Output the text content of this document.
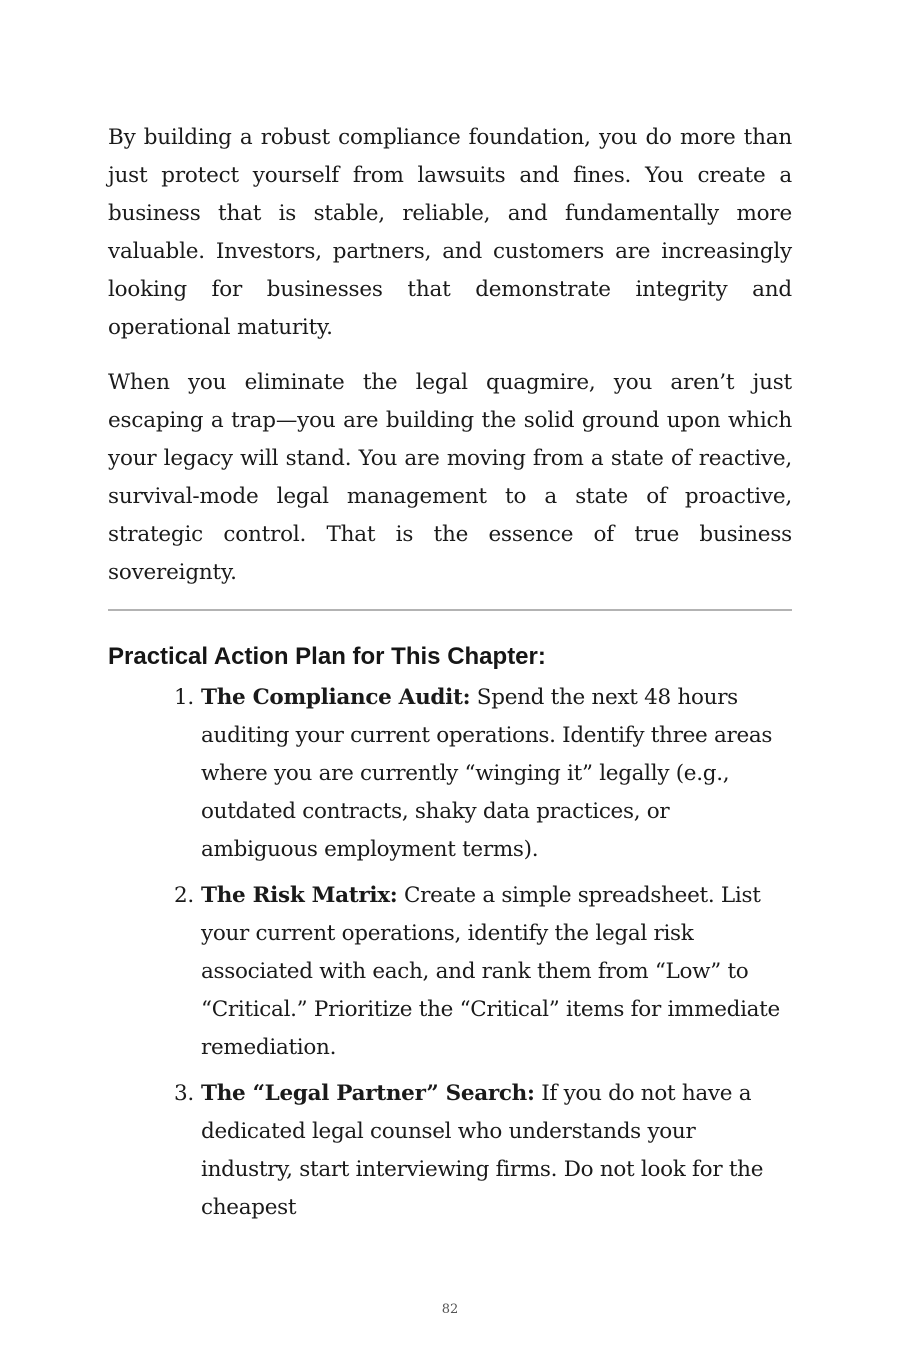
By building a robust compliance foundation, you do more than just protect yourself from lawsuits and fines. You create a business that is stable, reliable, and fundamentally more valuable. Investors, partners, and customers are increasingly looking for businesses that demonstrate integrity and operational maturity.

When you eliminate the legal quagmire, you aren’t just escaping a trap—you are building the solid ground upon which your legacy will stand. You are moving from a state of reactive, survival-mode legal management to a state of proactive, strategic control. That is the essence of true business sovereignty.

Practical Action Plan for This Chapter:
1. The Compliance Audit: Spend the next 48 hours auditing your current operations. Identify three areas where you are currently “winging it” legally (e.g., outdated contracts, shaky data practices, or ambiguous employment terms).
2. The Risk Matrix: Create a simple spreadsheet. List your current operations, identify the legal risk associated with each, and rank them from “Low” to “Critical.” Prioritize the “Critical” items for immediate remediation.
3. The “Legal Partner” Search: If you do not have a dedicated legal counsel who understands your industry, start interviewing firms. Do not look for the cheapest
82
